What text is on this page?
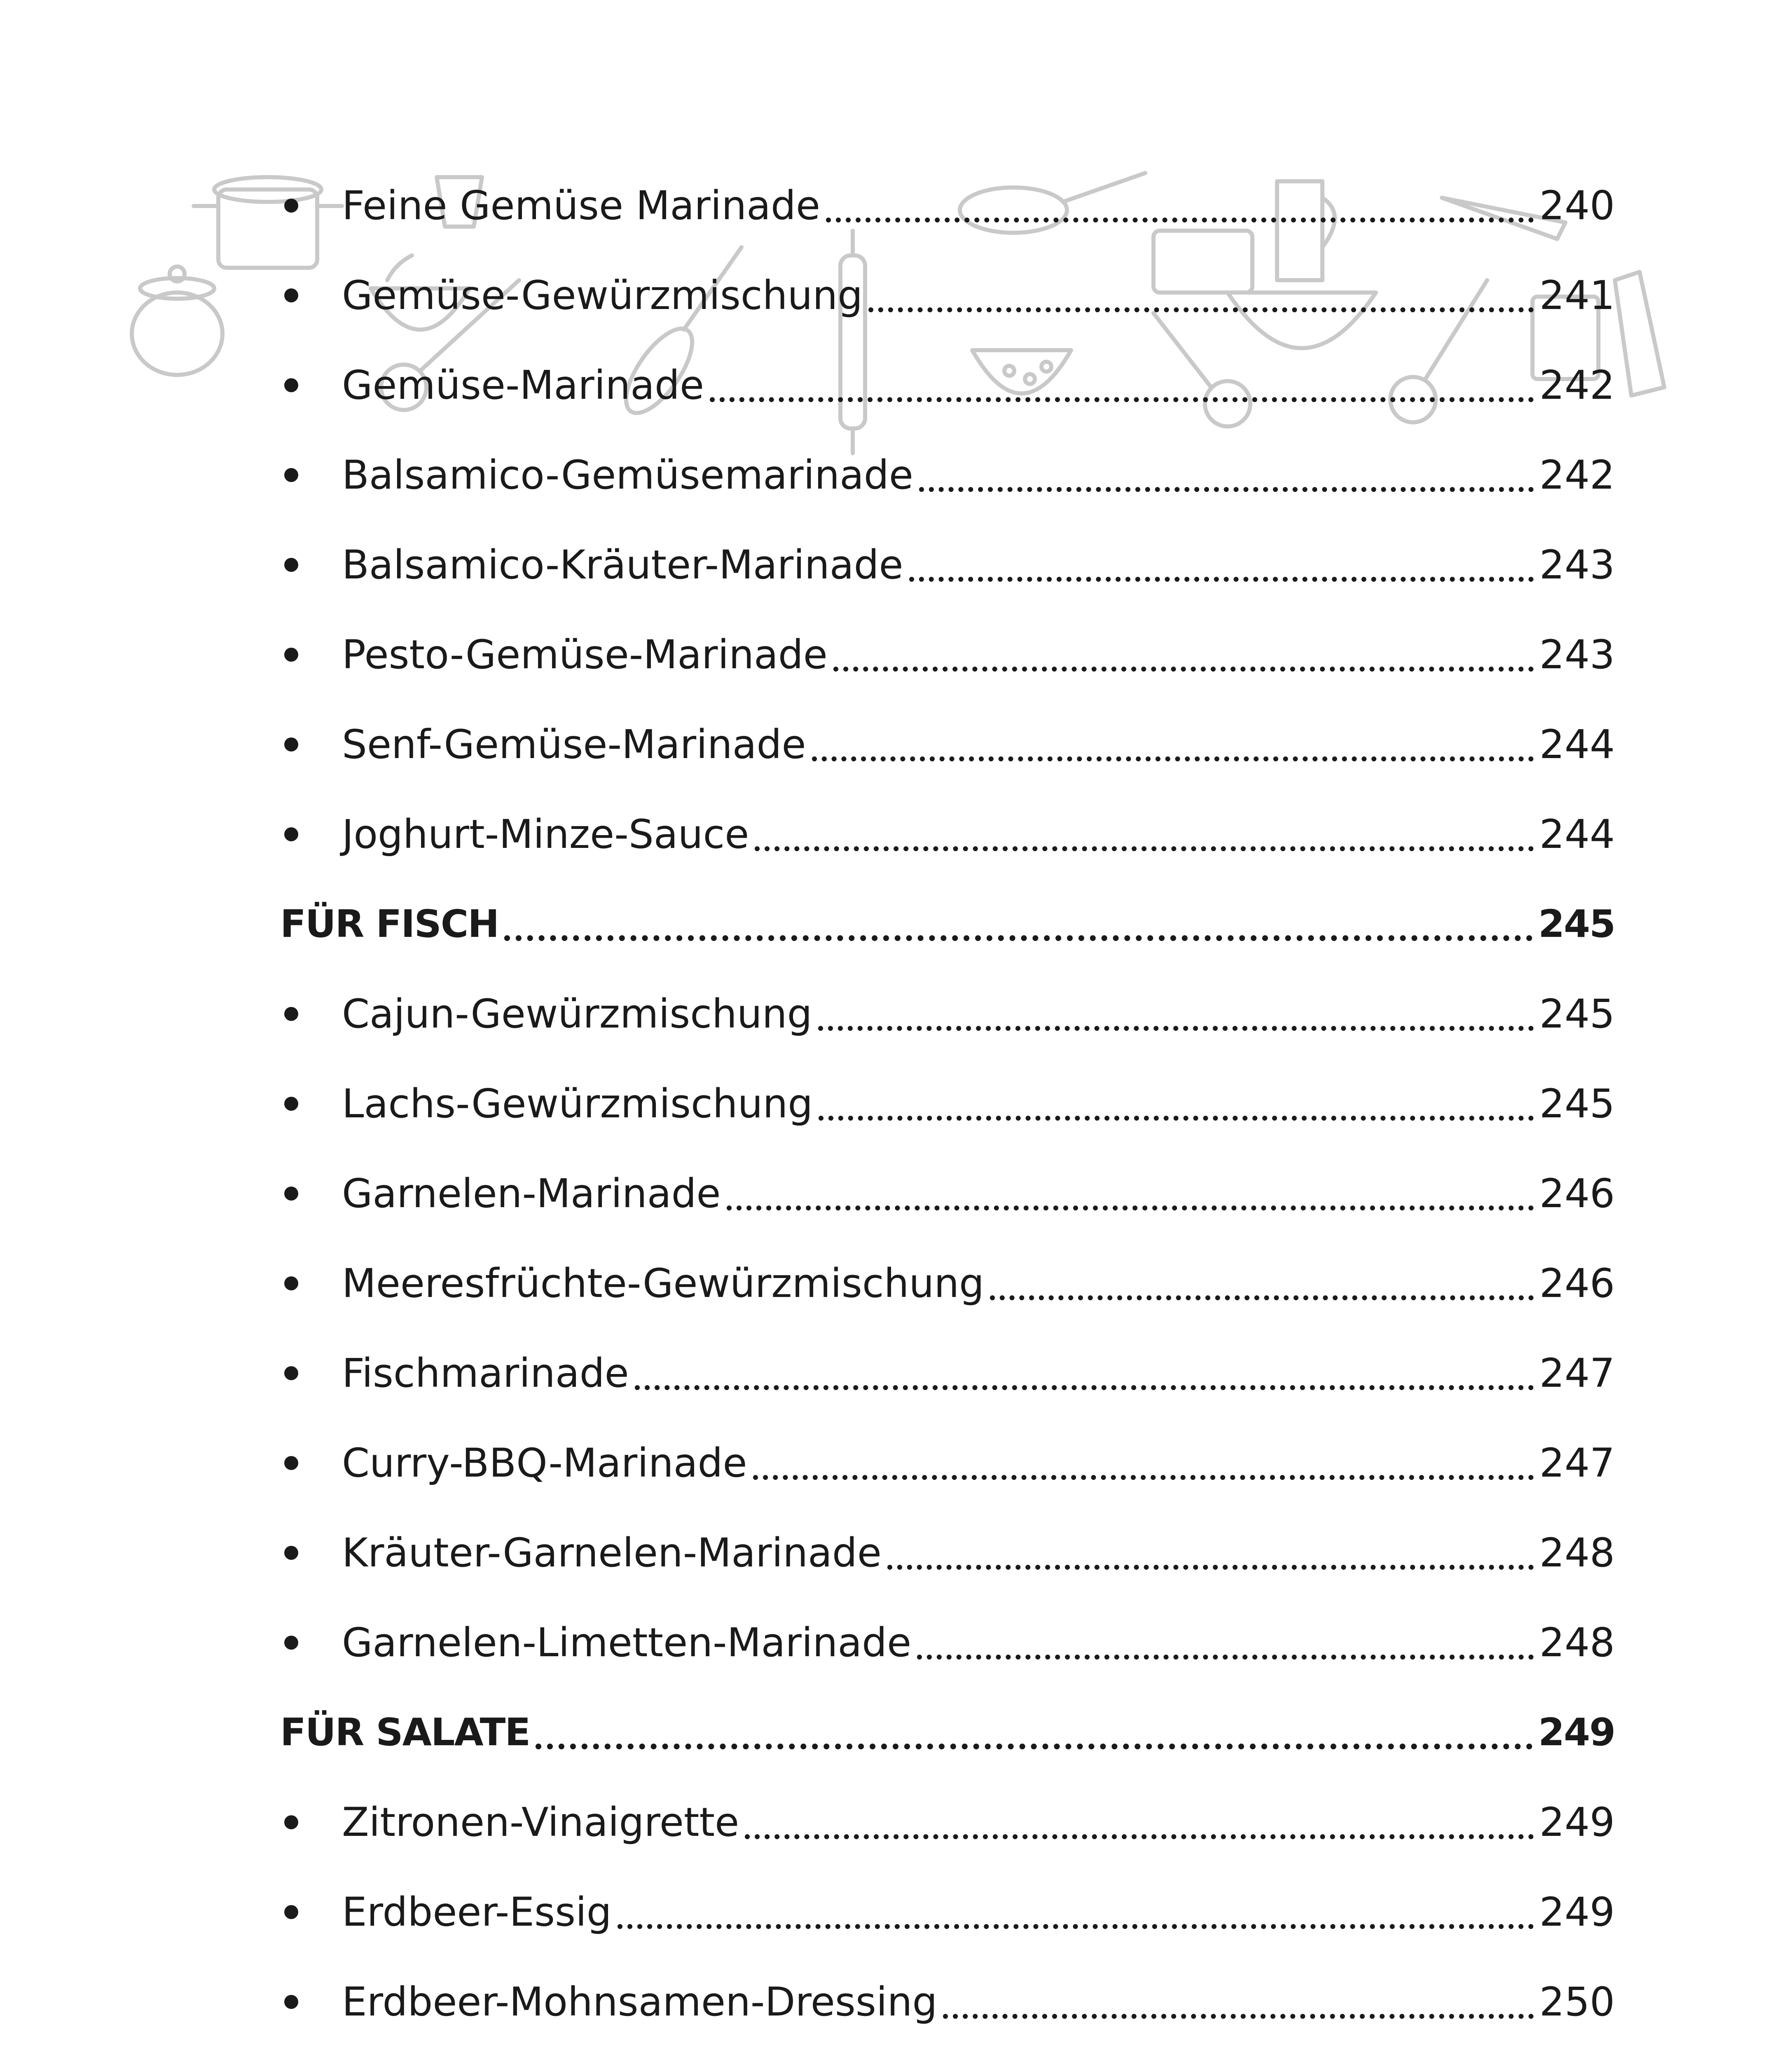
Feine Gemüse Marinade	240
Gemüse-Gewürzmischung	241
Gemüse-Marinade	242
Balsamico-Gemüsemarinade	242
Balsamico-Kräuter-Marinade	243
Pesto-Gemüse-Marinade	243
Senf-Gemüse-Marinade	244
Joghurt-Minze-Sauce	244
FÜR FISCH	245
Cajun-Gewürzmischung	245
Lachs-Gewürzmischung	245
Garnelen-Marinade	246
Meeresfrüchte-Gewürzmischung	246
Fischmarinade	247
Curry-BBQ-Marinade	247
Kräuter-Garnelen-Marinade	248
Garnelen-Limetten-Marinade	248
FÜR SALATE	249
Zitronen-Vinaigrette	249
Erdbeer-Essig	249
Erdbeer-Mohnsamen-Dressing	250
